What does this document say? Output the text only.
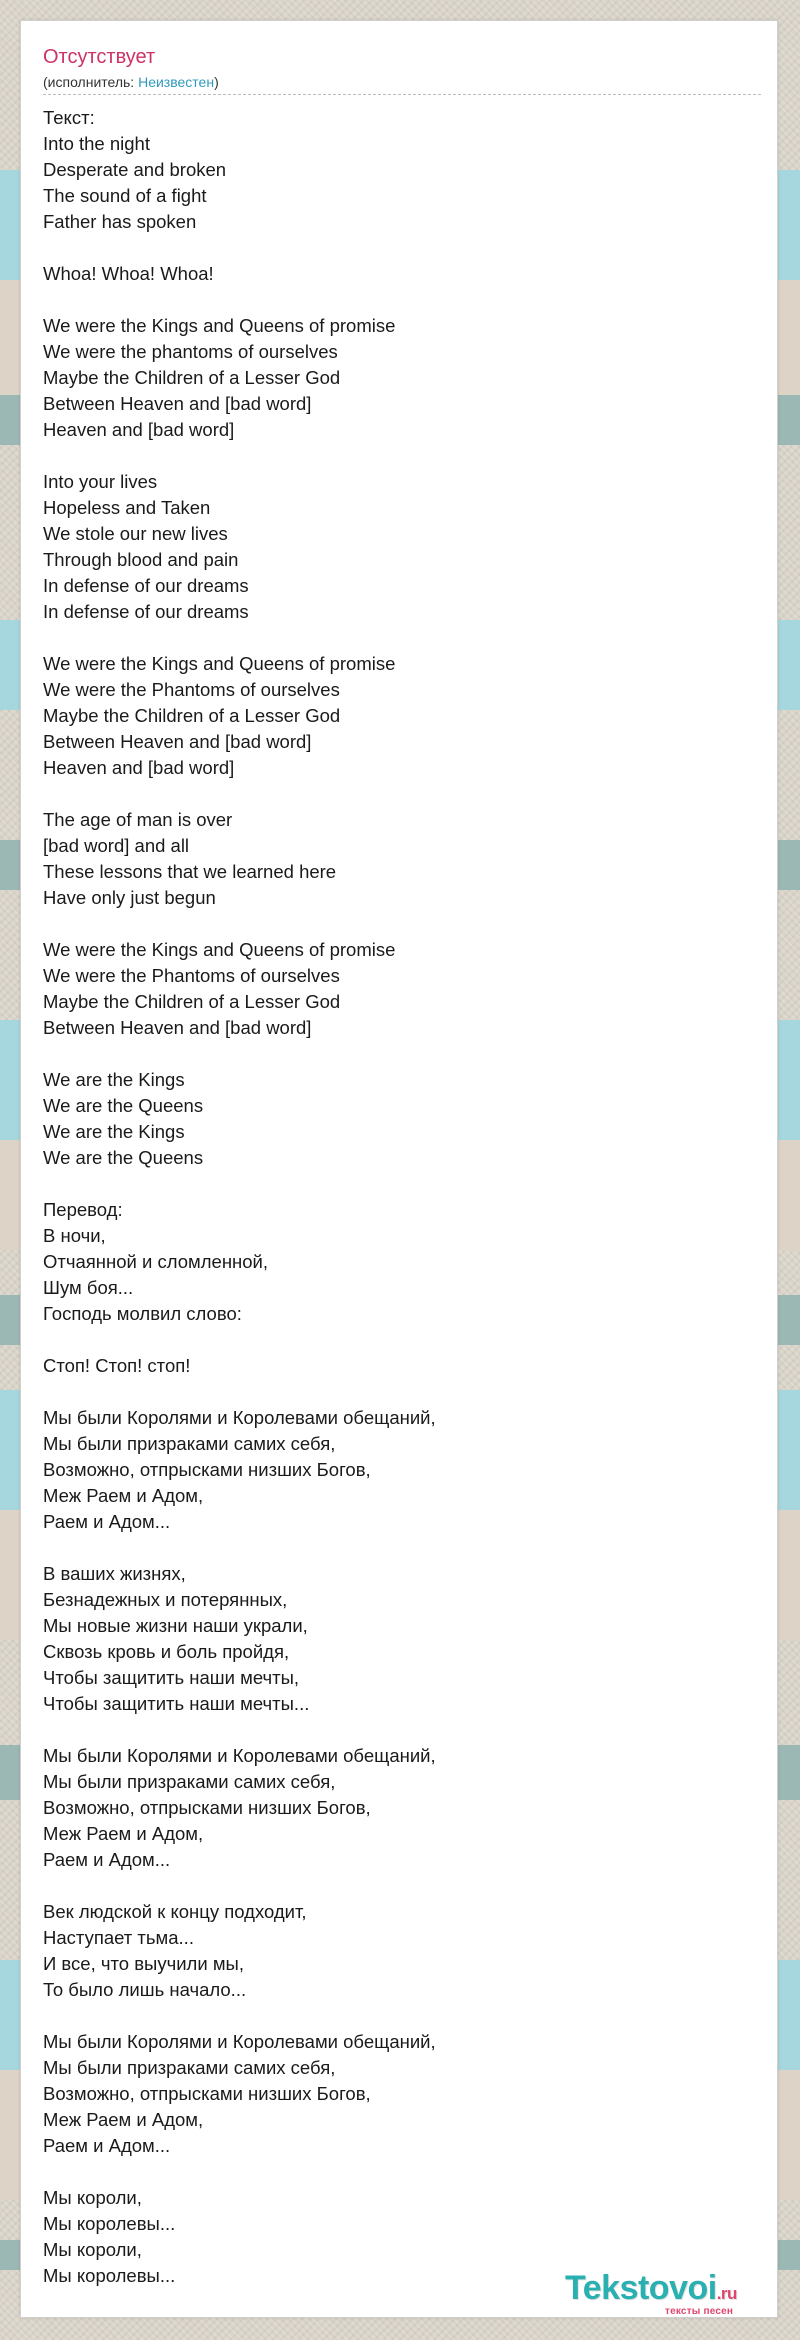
Отсутствует
(исполнитель: Неизвестен)
Текст:
Into the night
Desperate and broken
The sound of a fight
Father has spoken
Whoa! Whoa! Whoa!
We were the Kings and Queens of promise
We were the phantoms of ourselves
Maybe the Children of a Lesser God
Between Heaven and [bad word]
Heaven and [bad word]
Into your lives
Hopeless and Taken
We stole our new lives
Through blood and pain
In defense of our dreams
In defense of our dreams
We were the Kings and Queens of promise
We were the Phantoms of ourselves
Maybe the Children of a Lesser God
Between Heaven and [bad word]
Heaven and [bad word]
The age of man is over
[bad word] and all
These lessons that we learned here
Have only just begun
We were the Kings and Queens of promise
We were the Phantoms of ourselves
Maybe the Children of a Lesser God
Between Heaven and [bad word]
We are the Kings
We are the Queens
We are the Kings
We are the Queens
Перевод:
В ночи,
Отчаянной и сломленной,
Шум боя...
Господь молвил слово:
Стоп! Стоп! стоп!
Мы были Королями и Королевами обещаний,
Мы были призраками самих себя,
Возможно, отпрысками низших Богов,
Меж Раем и Адом,
Раем и Адом...
В ваших жизнях,
Безнадежных и потерянных,
Мы новые жизни наши украли,
Сквозь кровь и боль пройдя,
Чтобы защитить наши мечты,
Чтобы защитить наши мечты...
Мы были Королями и Королевами обещаний,
Мы были призраками самих себя,
Возможно, отпрысками низших Богов,
Меж Раем и Адом,
Раем и Адом...
Век людской к концу подходит,
Наступает тьма...
И все, что выучили мы,
То было лишь начало...
Мы были Королями и Королевами обещаний,
Мы были призраками самих себя,
Возможно, отпрысками низших Богов,
Меж Раем и Адом,
Раем и Адом...
Мы короли,
Мы королевы...
Мы короли,
Мы королевы...	Tekstovoi.ru
тексты песен
